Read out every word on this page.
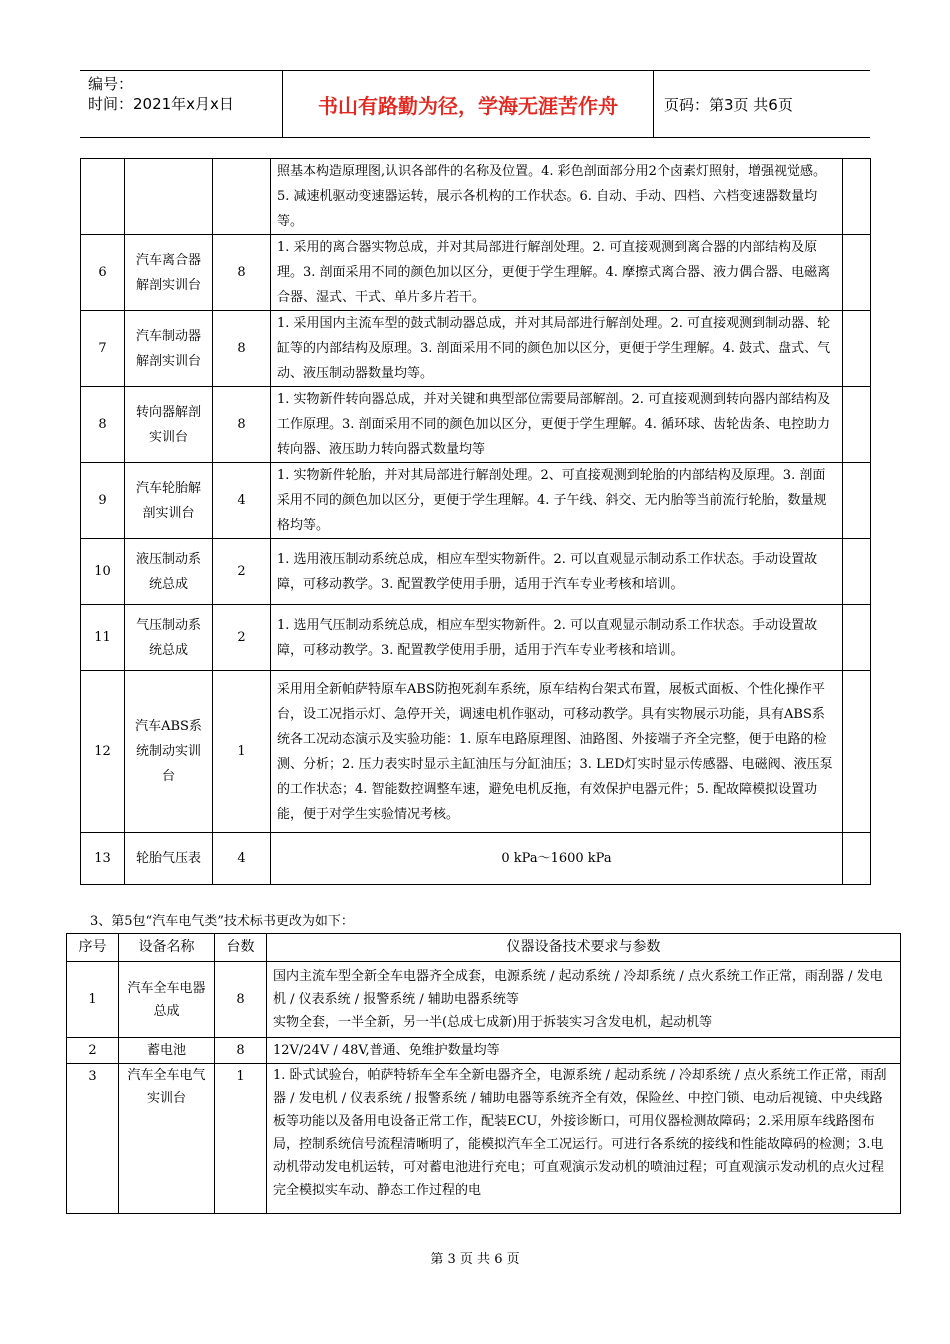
编号：
时间：2021年x月x日	书山有路勤为径，学海无涯苦作舟	页码：第3页 共6页
			照基本构造原理图,认识各部件的名称及位置。4. 彩色剖面部分用2个卤素灯照射，增强视觉感。5. 减速机驱动变速器运转，展示各机构的工作状态。6. 自动、手动、四档、六档变速器数量均等。	
6	汽车离合器解剖实训台	8	1. 采用的离合器实物总成，并对其局部进行解剖处理。2. 可直接观测到离合器的内部结构及原理。3. 剖面采用不同的颜色加以区分，更便于学生理解。4. 摩擦式离合器、液力偶合器、电磁离合器、湿式、干式、单片多片若干。	
7	汽车制动器解剖实训台	8	1. 采用国内主流车型的鼓式制动器总成，并对其局部进行解剖处理。2. 可直接观测到制动器、轮缸等的内部结构及原理。3. 剖面采用不同的颜色加以区分，更便于学生理解。4. 鼓式、盘式、气动、液压制动器数量均等。	
8	转向器解剖实训台	8	1. 实物新件转向器总成，并对关键和典型部位需要局部解剖。2. 可直接观测到转向器内部结构及工作原理。3. 剖面采用不同的颜色加以区分，更便于学生理解。4. 循环球、齿轮齿条、电控助力转向器、液压助力转向器式数量均等	
9	汽车轮胎解剖实训台	4	1. 实物新件轮胎，并对其局部进行解剖处理。2、可直接观测到轮胎的内部结构及原理。3. 剖面采用不同的颜色加以区分，更便于学生理解。4. 子午线、斜交、无内胎等当前流行轮胎，数量规格均等。	
10	液压制动系统总成	2	1. 选用液压制动系统总成，相应车型实物新件。2. 可以直观显示制动系工作状态。手动设置故障，可移动教学。3. 配置教学使用手册，适用于汽车专业考核和培训。	
11	气压制动系统总成	2	1. 选用气压制动系统总成，相应车型实物新件。2. 可以直观显示制动系工作状态。手动设置故障，可移动教学。3. 配置教学使用手册，适用于汽车专业考核和培训。	
12	汽车ABS系统制动实训台	1	采用用全新帕萨特原车ABS防抱死刹车系统，原车结构台架式布置，展板式面板、个性化操作平台，设工况指示灯、急停开关，调速电机作驱动，可移动教学。具有实物展示功能，具有ABS系统各工况动态演示及实验功能：1. 原车电路原理图、油路图、外接端子齐全完整，便于电路的检测、分析；2. 压力表实时显示主缸油压与分缸油压；3. LED灯实时显示传感器、电磁阀、液压泵的工作状态；4. 智能数控调整车速，避免电机反拖，有效保护电器元件；5. 配故障模拟设置功能，便于对学生实验情况考核。	
13	轮胎气压表	4	0 kPa～1600 kPa	
3、第5包“汽车电气类”技术标书更改为如下：
序号	设备名称	台数	仪器设备技术要求与参数
1	汽车全车电器总成	8	国内主流车型全新全车电器齐全成套，电源系统 / 起动系统 / 冷却系统 / 点火系统工作正常，雨刮器 / 发电机 / 仪表系统 / 报警系统 / 辅助电器系统等
实物全套，一半全新，另一半(总成七成新)用于拆装实习含发电机，起动机等

2	蓄电池	8	12V/24V / 48V,普通、免维护数量均等
3	汽车全车电气实训台	1	1. 卧式试验台，帕萨特轿车全车全新电器齐全，电源系统 / 起动系统 / 冷却系统 / 点火系统工作正常，雨刮器 / 发电机 / 仪表系统 / 报警系统 / 辅助电器等系统齐全有效，保险丝、中控门锁、电动后视镜、中央线路板等功能以及备用电设备正常工作，配装ECU，外接诊断口，可用仪器检测故障码；2.采用原车线路图布局，控制系统信号流程清晰明了，能模拟汽车全工况运行。可进行各系统的接线和性能故障码的检测；3.电动机带动发电机运转，可对蓄电池进行充电；可直观演示发动机的喷油过程；可直观演示发动机的点火过程完全模拟实车动、静态工作过程的电
第 3 页 共 6 页
